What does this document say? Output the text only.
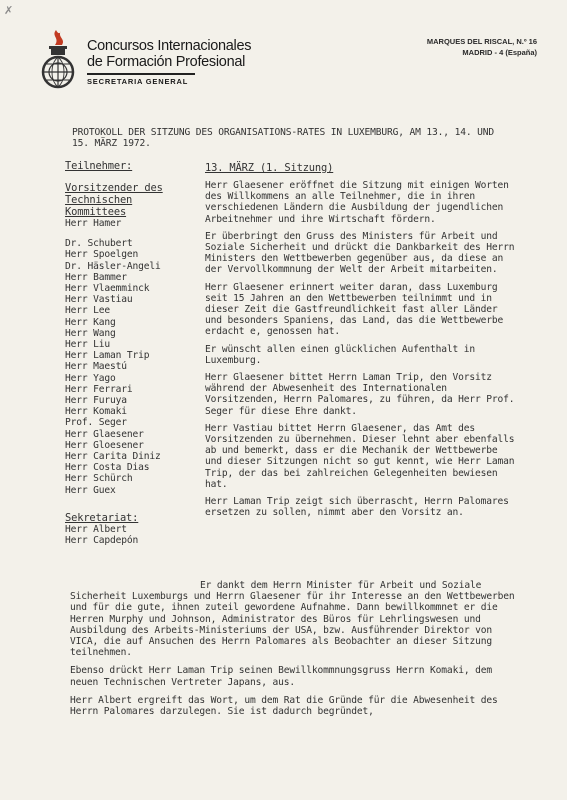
✗
Concursos Internacionales
de Formación Profesional
SECRETARIA GENERAL
MARQUES DEL RISCAL, N.º 16
MADRID - 4 (España)
PROTOKOLL DER SITZUNG DES ORGANISATIONS-RATES IN LUXEMBURG, AM 13., 14. UND 15. MÄRZ 1972.
Teilnehmer:
Vorsitzender des Technischen Kommittees
Herr Hamer
Dr. Schubert
Herr Spoelgen
Dr. Häsler-Angeli
Herr Bammer
Herr Vlaemminck
Herr Vastiau
Herr Lee
Herr Kang
Herr Wang
Herr Liu
Herr Laman Trip
Herr Maestú
Herr Yago
Herr Ferrari
Herr Furuya
Herr Komaki
Prof. Seger
Herr Glaesener
Herr Gloesener
Herr Carita Diniz
Herr Costa Dias
Herr Schürch
Herr Guex
Sekretariat:
Herr Albert
Herr Capdepón
13. MÄRZ (1. Sitzung)

Herr Glaesener eröffnet die Sitzung mit einigen Worten des Willkommens an alle Teilnehmer, die in ihren verschiedenen Ländern die Ausbildung der jugendlichen Arbeitnehmer und ihre Wirtschaft fördern.

Er überbringt den Gruss des Ministers für Arbeit und Soziale Sicherheit und drückt die Dankbarkeit des Herrn Ministers den Wettbewerben gegenüber aus, da diese an der Vervollkommnung der Welt der Arbeit mitarbeiten.

Herr Glaesener erinnert weiter daran, dass Luxemburg seit 15 Jahren an den Wettbewerben teilnimmt und in dieser Zeit die Gastfreundlichkeit fast aller Länder und besonders Spaniens, das Land, das die Wettbewerbe erdacht e, genossen hat.

Er wünscht allen einen glücklichen Aufenthalt in Luxemburg.

Herr Glaesener bittet Herrn Laman Trip, den Vorsitz während der Abwesenheit des Internationalen Vorsitzenden, Herrn Palomares, zu führen, da Herr Prof. Seger für diese Ehre dankt.

Herr Vastiau bittet Herrn Glaesener, das Amt des Vorsitzenden zu übernehmen. Dieser lehnt aber ebenfalls ab und bemerkt, dass er die Mechanik der Wettbewerbe und dieser Sitzungen nicht so gut kennt, wie Herr Laman Trip, der das bei zahlreichen Gelegenheiten bewiesen hat.

Herr Laman Trip zeigt sich überrascht, Herrn Palomares ersetzen zu sollen, nimmt aber den Vorsitz an.

Er dankt dem Herrn Minister für Arbeit und Soziale Sicherheit Luxemburgs und Herrn Glaesener für ihr Interesse an den Wettbewerben und für die gute, ihnen zuteil gewordene Aufnahme. Dann bewillkommnet er die Herren Murphy und Johnson, Administrator des Büros für Lehrlingswesen und Ausbildung des Arbeits-Ministeriums der USA, bzw. Ausführender Direktor von VICA, die auf Ansuchen des Herrn Palomares als Beobachter an dieser Sitzung teilnehmen.

Ebenso drückt Herr Laman Trip seinen Bewillkommnungsgruss Herrn Komaki, dem neuen Technischen Vertreter Japans, aus.

Herr Albert ergreift das Wort, um dem Rat die Gründe für die Abwesenheit des Herrn Palomares darzulegen. Sie ist dadurch begründet,
